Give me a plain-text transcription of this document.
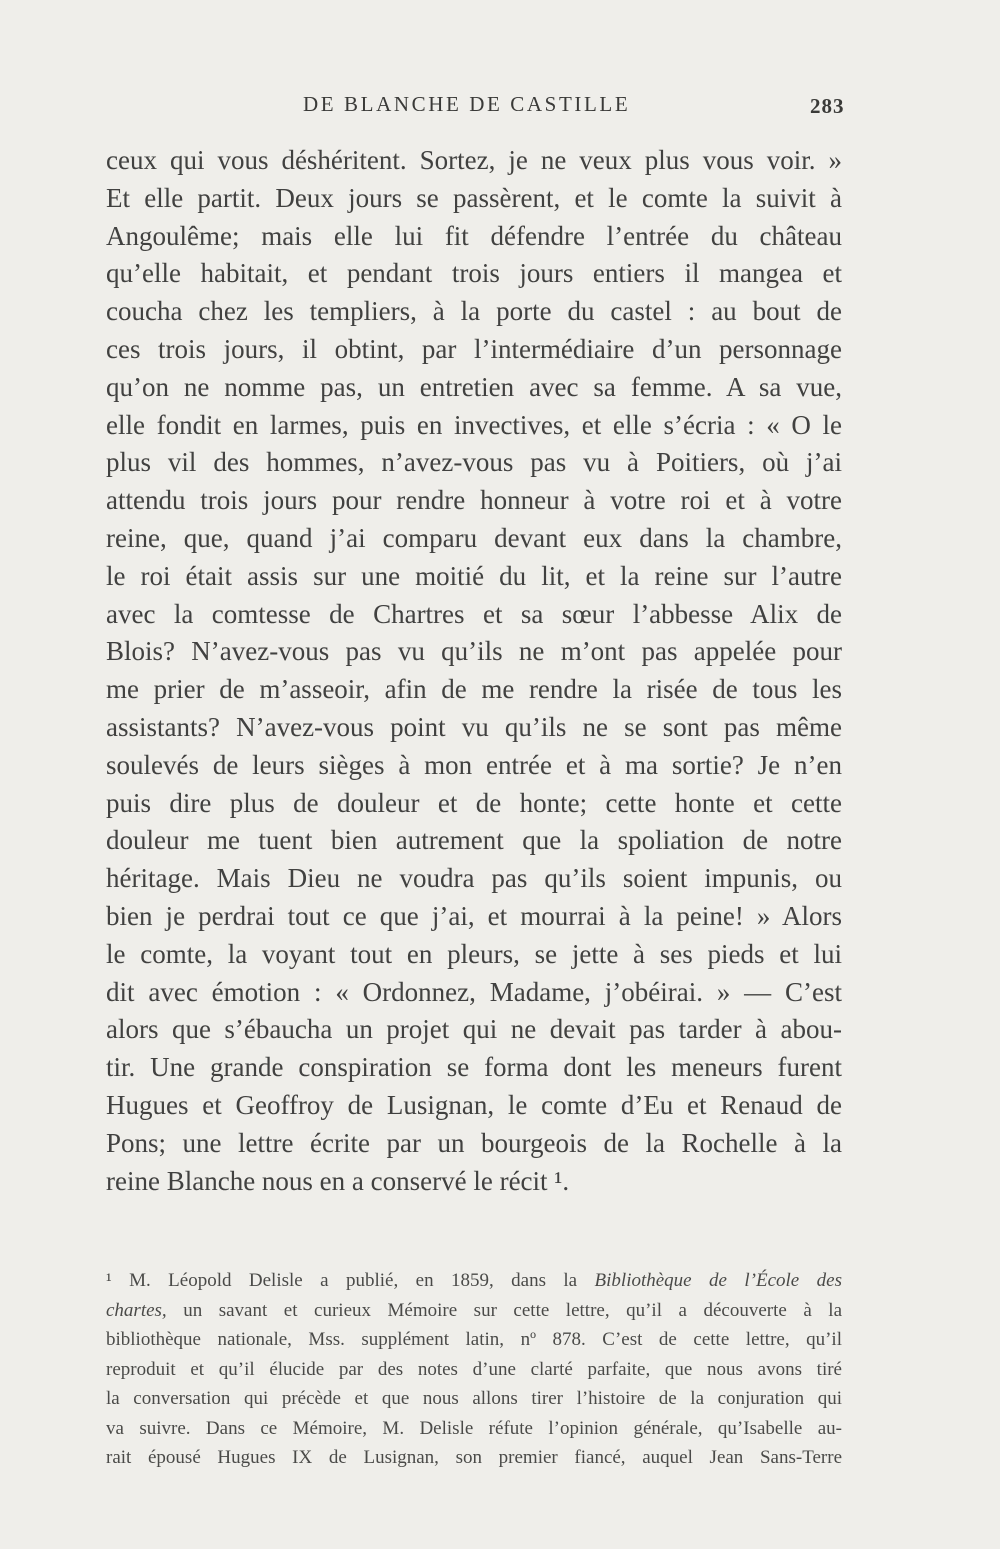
DE BLANCHE DE CASTILLE	283
ceux qui vous déshéritent. Sortez, je ne veux plus vous voir. »
Et elle partit. Deux jours se passèrent, et le comte la suivit à
Angoulême; mais elle lui fit défendre l’entrée du château
qu’elle habitait, et pendant trois jours entiers il mangea et
coucha chez les templiers, à la porte du castel : au bout de
ces trois jours, il obtint, par l’intermédiaire d’un personnage
qu’on ne nomme pas, un entretien avec sa femme. A sa vue,
elle fondit en larmes, puis en invectives, et elle s’écria : « O le
plus vil des hommes, n’avez-vous pas vu à Poitiers, où j’ai
attendu trois jours pour rendre honneur à votre roi et à votre
reine, que, quand j’ai comparu devant eux dans la chambre,
le roi était assis sur une moitié du lit, et la reine sur l’autre
avec la comtesse de Chartres et sa sœur l’abbesse Alix de
Blois? N’avez-vous pas vu qu’ils ne m’ont pas appelée pour
me prier de m’asseoir, afin de me rendre la risée de tous les
assistants? N’avez-vous point vu qu’ils ne se sont pas même
soulevés de leurs sièges à mon entrée et à ma sortie? Je n’en
puis dire plus de douleur et de honte; cette honte et cette
douleur me tuent bien autrement que la spoliation de notre
héritage. Mais Dieu ne voudra pas qu’ils soient impunis, ou
bien je perdrai tout ce que j’ai, et mourrai à la peine! » Alors
le comte, la voyant tout en pleurs, se jette à ses pieds et lui
dit avec émotion : « Ordonnez, Madame, j’obéirai. » — C’est
alors que s’ébaucha un projet qui ne devait pas tarder à abou-
tir. Une grande conspiration se forma dont les meneurs furent
Hugues et Geoffroy de Lusignan, le comte d’Eu et Renaud de
Pons; une lettre écrite par un bourgeois de la Rochelle à la
reine Blanche nous en a conservé le récit ¹.
¹ M. Léopold Delisle a publié, en 1859, dans la Bibliothèque de l’École des
chartes, un savant et curieux Mémoire sur cette lettre, qu’il a découverte à la
bibliothèque nationale, Mss. supplément latin, nº 878. C’est de cette lettre, qu’il
reproduit et qu’il élucide par des notes d’une clarté parfaite, que nous avons tiré
la conversation qui précède et que nous allons tirer l’histoire de la conjuration qui
va suivre. Dans ce Mémoire, M. Delisle réfute l’opinion générale, qu’Isabelle au-
rait épousé Hugues IX de Lusignan, son premier fiancé, auquel Jean Sans-Terre
